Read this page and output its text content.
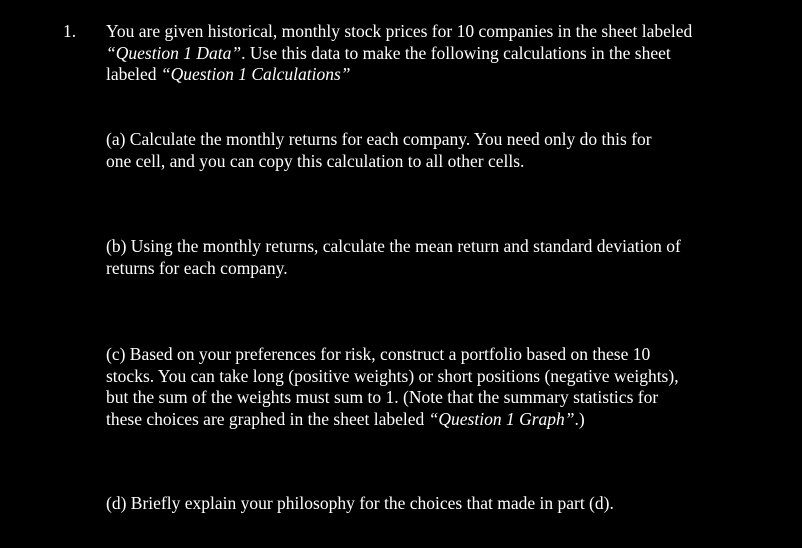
1. You are given historical, monthly stock prices for 10 companies in the sheet labeled
“Question 1 Data”. Use this data to make the following calculations in the sheet
labeled “Question 1 Calculations”
(a) Calculate the monthly returns for each company. You need only do this for
one cell, and you can copy this calculation to all other cells.
(b) Using the monthly returns, calculate the mean return and standard deviation of
returns for each company.
(c) Based on your preferences for risk, construct a portfolio based on these 10
stocks. You can take long (positive weights) or short positions (negative weights),
but the sum of the weights must sum to 1. (Note that the summary statistics for
these choices are graphed in the sheet labeled “Question 1 Graph”.)
(d) Briefly explain your philosophy for the choices that made in part (d).
